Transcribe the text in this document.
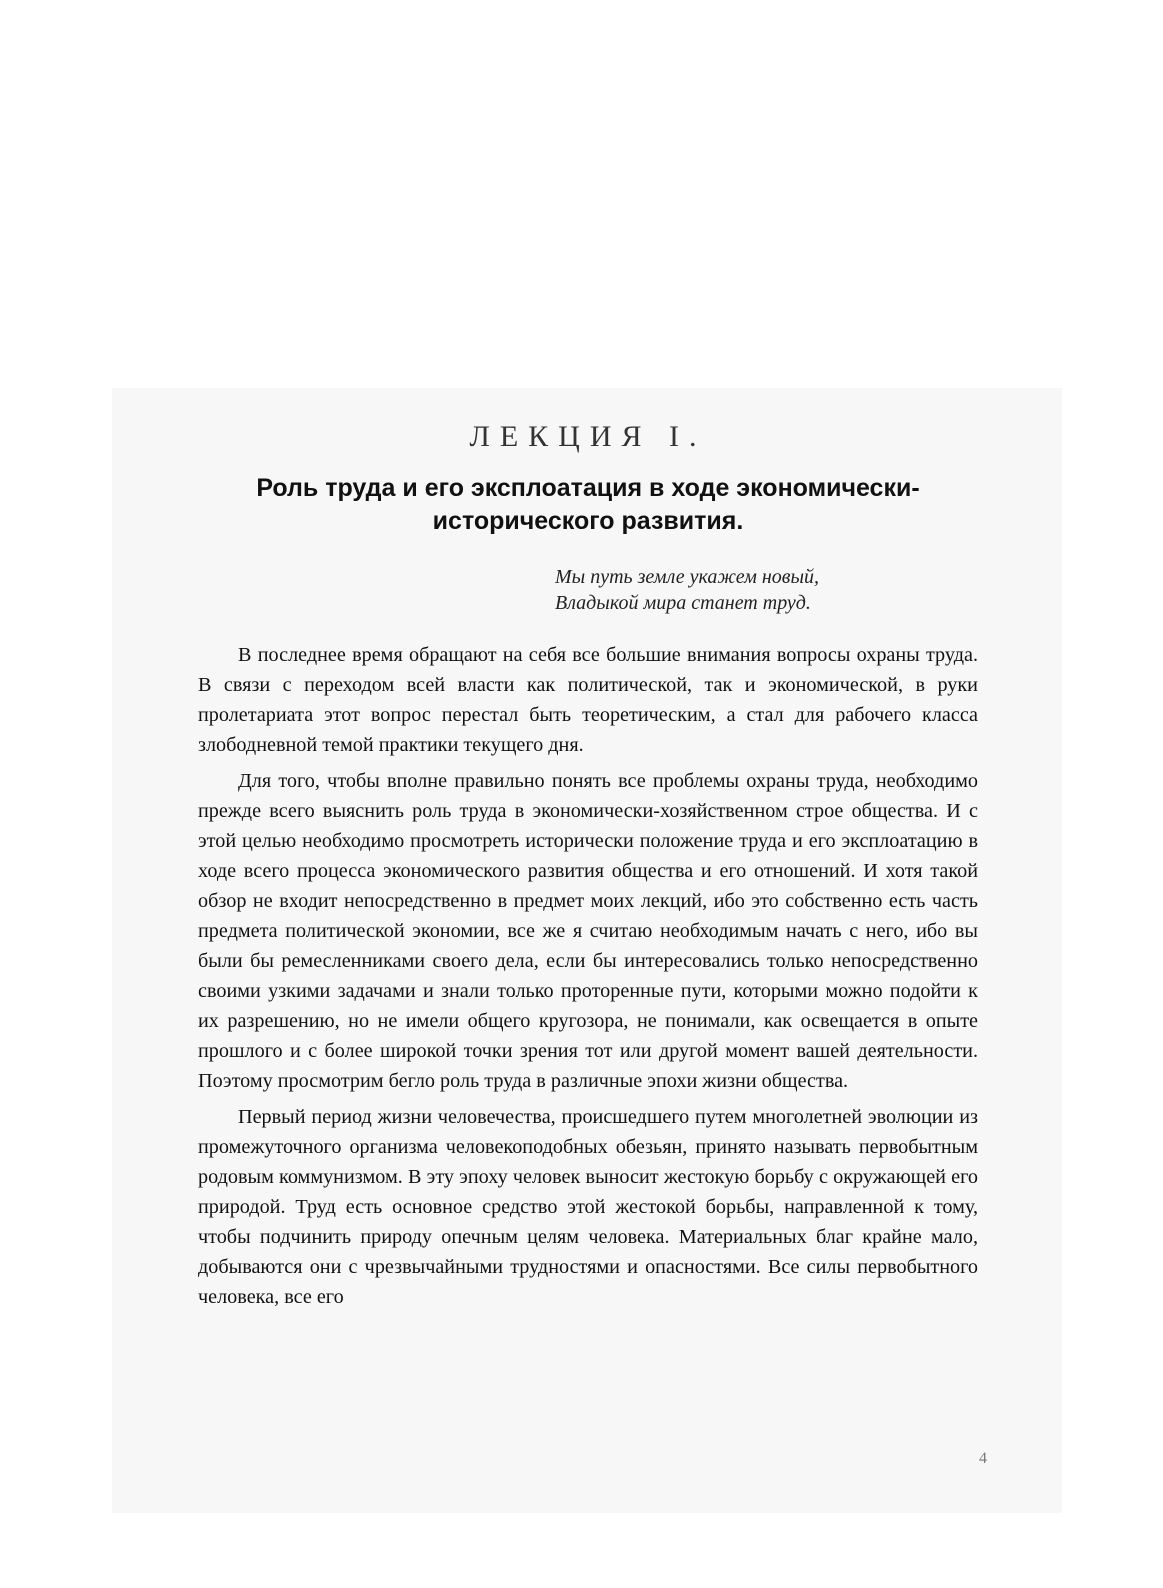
ЛЕКЦИЯ I.
Роль труда и его эксплоатация в ходе экономически-
исторического развития.
Мы путь земле укажем новый,
Владыкой мира станет труд.

В последнее время обращают на себя все большие внимания вопросы охраны труда. В связи с переходом всей власти как политической, так и экономической, в руки пролетариата этот вопрос перестал быть теоретическим, а стал для рабочего класса злободневной темой практики текущего дня.

Для того, чтобы вполне правильно понять все проблемы охраны труда, необходимо прежде всего выяснить роль труда в экономически-хозяйственном строе общества. И с этой целью необходимо просмотреть исторически положение труда и его эксплоатацию в ходе всего процесса экономического развития общества и его отношений. И хотя такой обзор не входит непосредственно в предмет моих лекций, ибо это собственно есть часть предмета политической экономии, все же я считаю необходимым начать с него, ибо вы были бы ремесленниками своего дела, если бы интересовались только непосредственно своими узкими задачами и знали только проторенные пути, которыми можно подойти к их разрешению, но не имели общего кругозора, не понимали, как освещается в опыте прошлого и с более широкой точки зрения тот или другой момент вашей деятельности. Поэтому просмотрим бегло роль труда в различные эпохи жизни общества.

Первый период жизни человечества, происшедшего путем многолетней эволюции из промежуточного организма человекоподобных обезьян, принято называть первобытным родовым коммунизмом. В эту эпоху человек выносит жестокую борьбу с окружающей его природой. Труд есть основное средство этой жестокой борьбы, направленной к тому, чтобы подчинить природу опечным целям человека. Материальных благ крайне мало, добываются они с чрезвычайными трудностями и опасностями. Все силы первобытного человека, все его

4
